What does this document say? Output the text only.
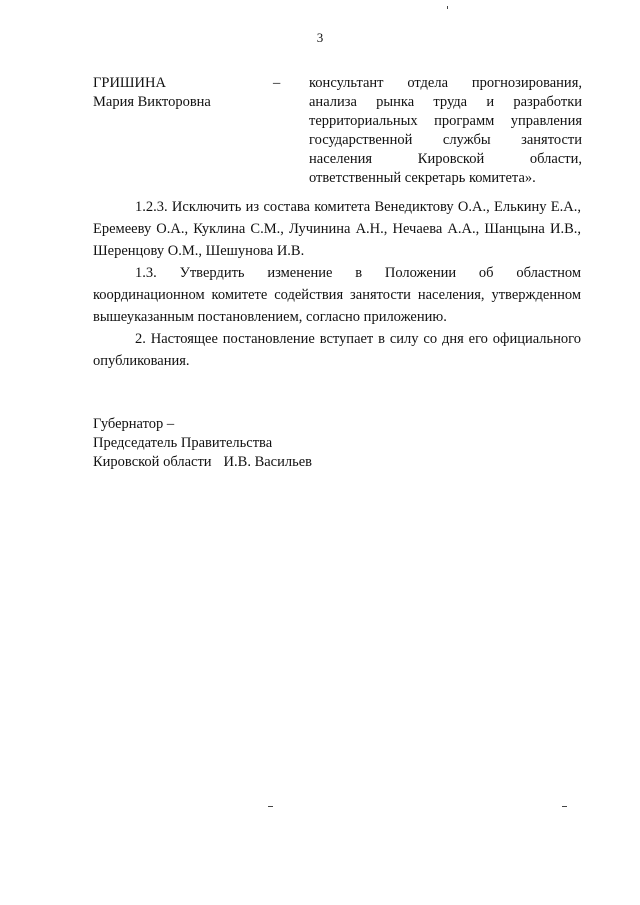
3
ГРИШИНА
Мария Викторовна
– консультант отдела прогнозирования, анализа рынка труда и разработки территориальных программ управления государственной службы занятости населения Кировской области, ответственный секретарь комитета».

1.2.3. Исключить из состава комитета Венедиктову О.А., Елькину Е.А., Еремееву О.А., Куклина С.М., Лучинина А.Н., Нечаева А.А., Шанцына И.В., Шеренцову О.М., Шешунова И.В.

1.3. Утвердить изменение в Положении об областном координационном комитете содействия занятости населения, утвержденном вышеуказанным постановлением, согласно приложению.

2. Настоящее постановление вступает в силу со дня его официального опубликования.

Губернатор –
Председатель Правительства
Кировской области И.В. Васильев
